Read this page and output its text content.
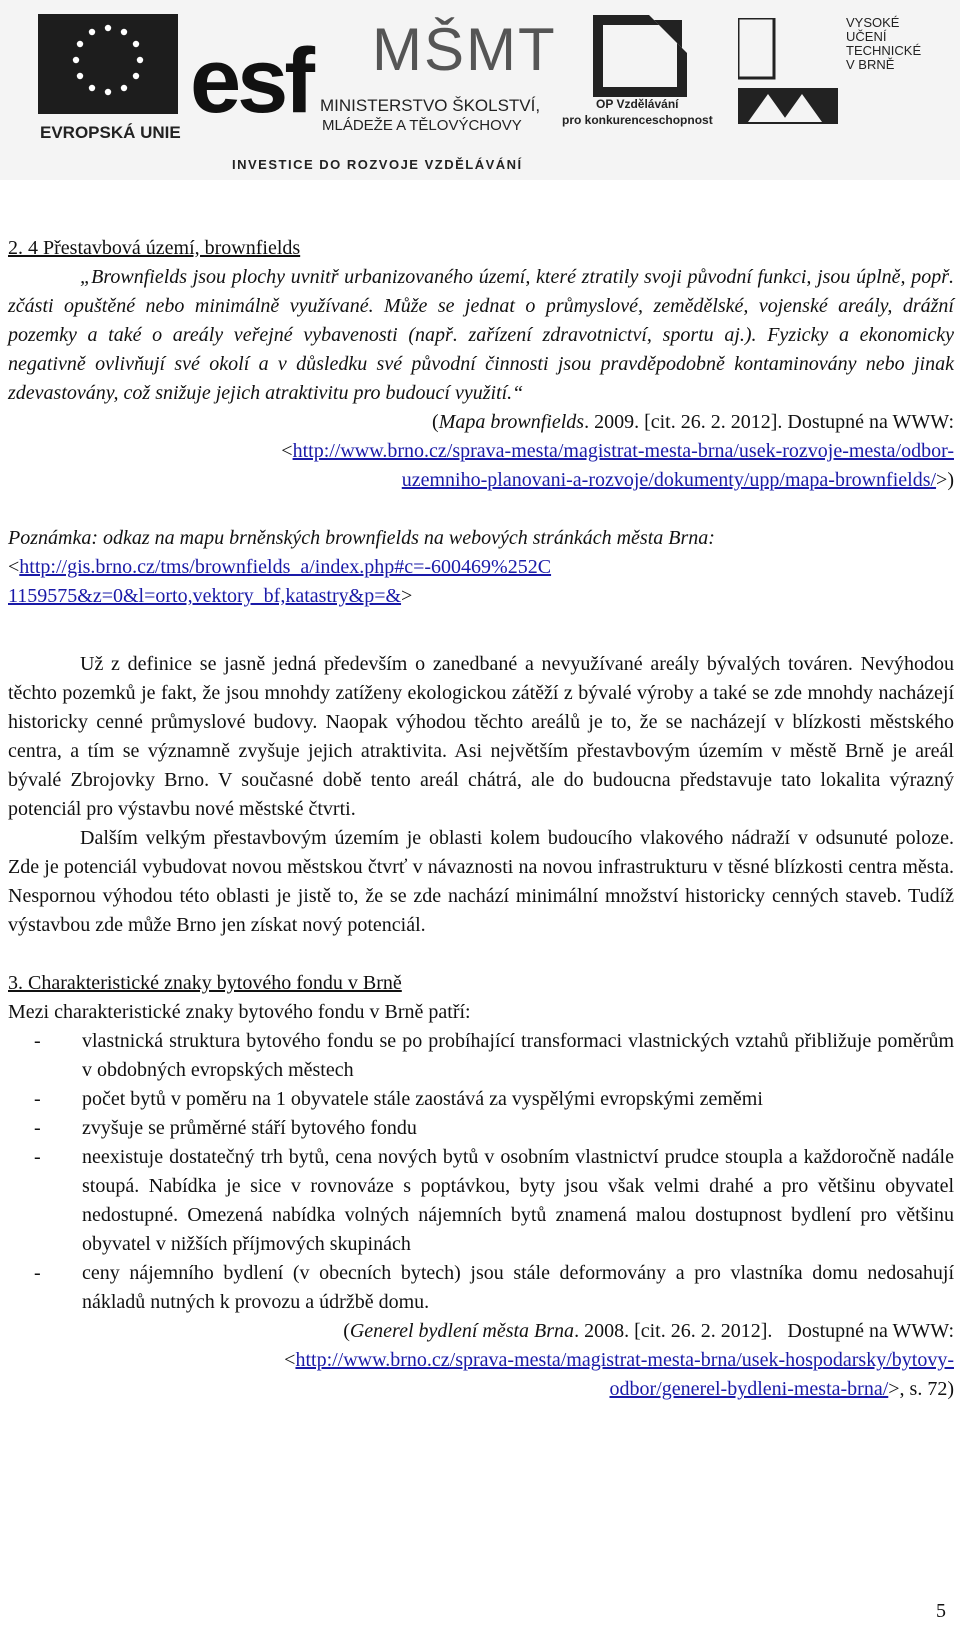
EVROPSKÁ UNIE
esf MŠMT
MINISTERSTVO ŠKOLSTVÍ,
MLÁDEŽE A TĚLOVÝCHOVY
OP Vzdělávání
pro konkurenceschopnost
VYSOKÉ
UČENÍ
TECHNICKÉ
V BRNĚ
INVESTICE DO ROZVOJE VZDĚLÁVÁNÍ

2. 4 Přestavbová území, brownfields

„Brownfields jsou plochy uvnitř urbanizovaného území, které ztratily svoji původní funkci, jsou úplně, popř. zčásti opuštěné nebo minimálně využívané. Může se jednat o průmyslové, zemědělské, vojenské areály, drážní pozemky a také o areály veřejné vybavenosti (např. zařízení zdravotnictví, sportu aj.). Fyzicky a ekonomicky negativně ovlivňují své okolí a v důsledku své původní činnosti jsou pravděpodobně kontaminovány nebo jinak zdevastovány, což snižuje jejich atraktivitu pro budoucí využití.“

(Mapa brownfields. 2009. [cit. 26. 2. 2012]. Dostupné na WWW:

<http://www.brno.cz/sprava-mesta/magistrat-mesta-brna/usek-rozvoje-mesta/odbor-

uzemniho-planovani-a-rozvoje/dokumenty/upp/mapa-brownfields/>)

Poznámka: odkaz na mapu brněnských brownfields na webových stránkách města Brna:

<http://gis.brno.cz/tms/brownfields_a/index.php#c=-600469%252C

1159575&z=0&l=orto,vektory_bf,katastry&p=&>

Už z definice se jasně jedná především o zanedbané a nevyužívané areály bývalých továren. Nevýhodou těchto pozemků je fakt, že jsou mnohdy zatíženy ekologickou zátěží z bývalé výroby a také se zde mnohdy nacházejí historicky cenné průmyslové budovy. Naopak výhodou těchto areálů je to, že se nacházejí v blízkosti městského centra, a tím se významně zvyšuje jejich atraktivita. Asi největším přestavbovým územím v městě Brně je areál bývalé Zbrojovky Brno. V současné době tento areál chátrá, ale do budoucna představuje tato lokalita výrazný potenciál pro výstavbu nové městské čtvrti.

Dalším velkým přestavbovým územím je oblasti kolem budoucího vlakového nádraží v odsunuté poloze. Zde je potenciál vybudovat novou městskou čtvrť v návaznosti na novou infrastrukturu v těsné blízkosti centra města. Nespornou výhodou této oblasti je jistě to, že se zde nachází minimální množství historicky cenných staveb. Tudíž výstavbou zde může Brno jen získat nový potenciál.

3. Charakteristické znaky bytového fondu v Brně

Mezi charakteristické znaky bytového fondu v Brně patří:

- vlastnická struktura bytového fondu se po probíhající transformaci vlastnických vztahů přibližuje poměrům v obdobných evropských městech
- počet bytů v poměru na 1 obyvatele stále zaostává za vyspělými evropskými zeměmi
- zvyšuje se průměrné stáří bytového fondu
- neexistuje dostatečný trh bytů, cena nových bytů v osobním vlastnictví prudce stoupla a každoročně nadále stoupá. Nabídka je sice v rovnováze s poptávkou, byty jsou však velmi drahé a pro většinu obyvatel nedostupné. Omezená nabídka volných nájemních bytů znamená malou dostupnost bydlení pro většinu obyvatel v nižších příjmových skupinách
- ceny nájemního bydlení (v obecních bytech) jsou stále deformovány a pro vlastníka domu nedosahují nákladů nutných k provozu a údržbě domu.

(Generel bydlení města Brna. 2008. [cit. 26. 2. 2012].   Dostupné na WWW:

<http://www.brno.cz/sprava-mesta/magistrat-mesta-brna/usek-hospodarsky/bytovy-

odbor/generel-bydleni-mesta-brna/>, s. 72)

5
